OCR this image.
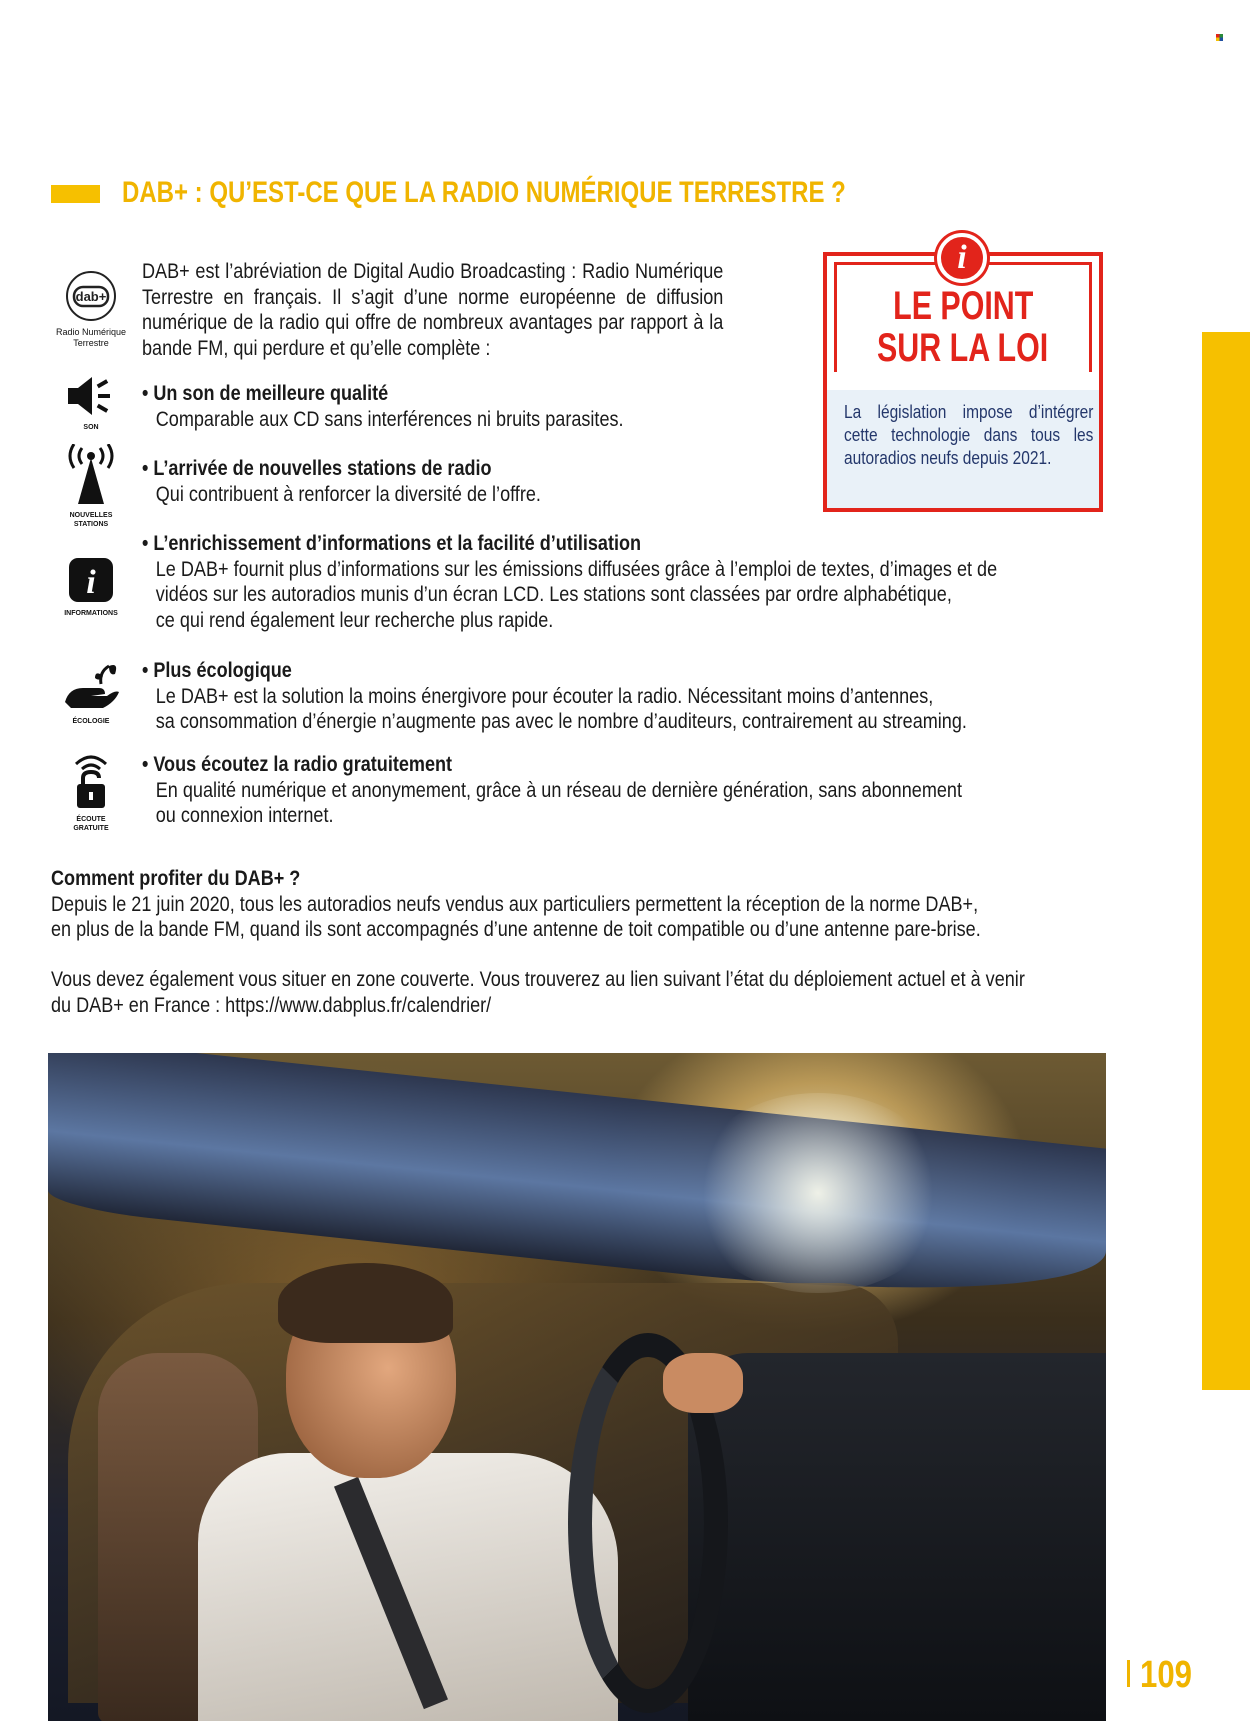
DAB+ : QU’EST-CE QUE LA RADIO NUMÉRIQUE TERRESTRE ?
dab+
Radio Numérique Terrestre
DAB+ est l’abréviation de Digital Audio Broadcasting : Radio Numérique Terrestre en français. Il s’agit d’une norme européenne de diffusion numérique de la radio qui offre de nombreux avantages par rapport à la bande FM, qui perdure et qu’elle complète :
i
LE POINT
SUR LA LOI
La législation impose d’intégrer cette technologie dans tous les autoradios neufs depuis 2021.
SON
• Un son de meilleure qualité
Comparable aux CD sans interférences ni bruits parasites.
NOUVELLES
STATIONS
• L’arrivée de nouvelles stations de radio
Qui contribuent à renforcer la diversité de l’offre.
i
INFORMATIONS
• L’enrichissement d’informations et la facilité d’utilisation
Le DAB+ fournit plus d’informations sur les émissions diffusées grâce à l’emploi de textes, d’images et de
vidéos sur les autoradios munis d’un écran LCD. Les stations sont classées par ordre alphabétique,
ce qui rend également leur recherche plus rapide.
ÉCOLOGIE
• Plus écologique
Le DAB+ est la solution la moins énergivore pour écouter la radio. Nécessitant moins d’antennes,
sa consommation d’énergie n’augmente pas avec le nombre d’auditeurs, contrairement au streaming.
ÉCOUTE
GRATUITE
• Vous écoutez la radio gratuitement
En qualité numérique et anonymement, grâce à un réseau de dernière génération, sans abonnement
ou connexion internet.
Comment profiter du DAB+ ?
Depuis le 21 juin 2020, tous les autoradios neufs vendus aux particuliers permettent la réception de la norme DAB+,
en plus de la bande FM, quand ils sont accompagnés d’une antenne de toit compatible ou d’une antenne pare-brise.
Vous devez également vous situer en zone couverte. Vous trouverez au lien suivant l’état du déploiement actuel et à venir
du DAB+ en France : https://www.dabplus.fr/calendrier/
109
